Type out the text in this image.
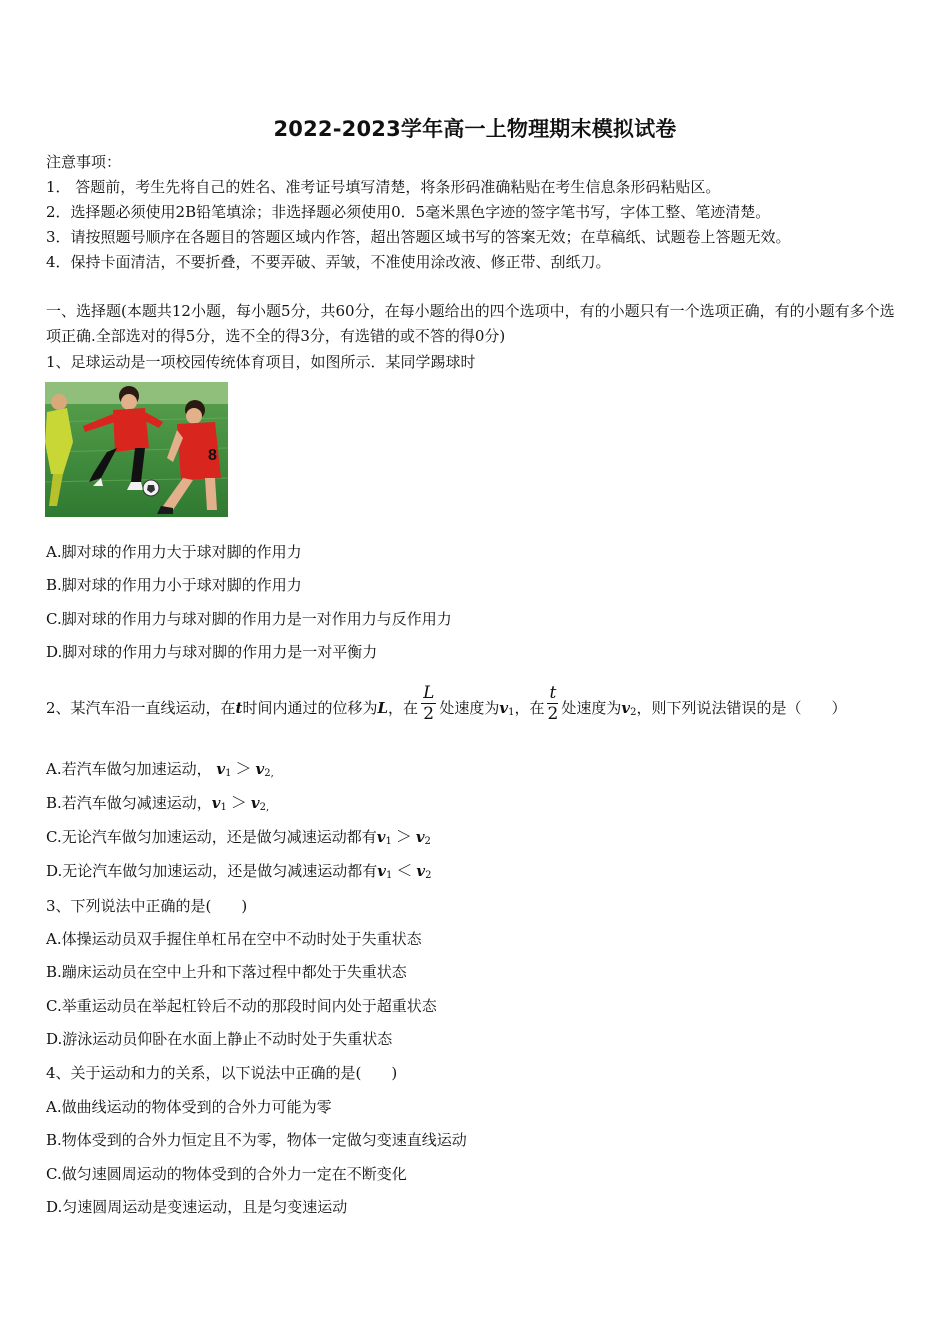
2022-2023学年高一上物理期末模拟试卷
注意事项：
1． 答题前，考生先将自己的姓名、准考证号填写清楚，将条形码准确粘贴在考生信息条形码粘贴区。
2．选择题必须使用2B铅笔填涂；非选择题必须使用0．5毫米黑色字迹的签字笔书写，字体工整、笔迹清楚。
3．请按照题号顺序在各题目的答题区域内作答，超出答题区域书写的答案无效；在草稿纸、试题卷上答题无效。
4．保持卡面清洁，不要折叠，不要弄破、弄皱，不准使用涂改液、修正带、刮纸刀。
一、选择题(本题共12小题，每小题5分，共60分，在每小题给出的四个选项中，有的小题只有一个选项正确，有的小题有多个选项正确.全部选对的得5分，选不全的得3分，有选错的或不答的得0分)
1、足球运动是一项校园传统体育项目，如图所示．某同学踢球时
8
A.脚对球的作用力大于球对脚的作用力
B.脚对球的作用力小于球对脚的作用力
C.脚对球的作用力与球对脚的作用力是一对作用力与反作用力
D.脚对球的作用力与球对脚的作用力是一对平衡力
2、某汽车沿一直线运动，在t时间内通过的位移为L，在 $\frac{L}{2}$ 处速度为$v_1$，在 $\frac{t}{2}$ 处速度为$v_2$，则下列说法错误的是（　　）
A.若汽车做匀加速运动， $v_1 > v_{2,}$
B.若汽车做匀减速运动，$v_1 > v_{2,}$
C.无论汽车做匀加速运动，还是做匀减速运动都有$v_1 > v_2$
D.无论汽车做匀加速运动，还是做匀减速运动都有$v_1 < v_2$
3、下列说法中正确的是(　　)
A.体操运动员双手握住单杠吊在空中不动时处于失重状态
B.蹦床运动员在空中上升和下落过程中都处于失重状态
C.举重运动员在举起杠铃后不动的那段时间内处于超重状态
D.游泳运动员仰卧在水面上静止不动时处于失重状态
4、关于运动和力的关系，以下说法中正确的是(　　)
A.做曲线运动的物体受到的合外力可能为零
B.物体受到的合外力恒定且不为零，物体一定做匀变速直线运动
C.做匀速圆周运动的物体受到的合外力一定在不断变化
D.匀速圆周运动是变速运动，且是匀变速运动
